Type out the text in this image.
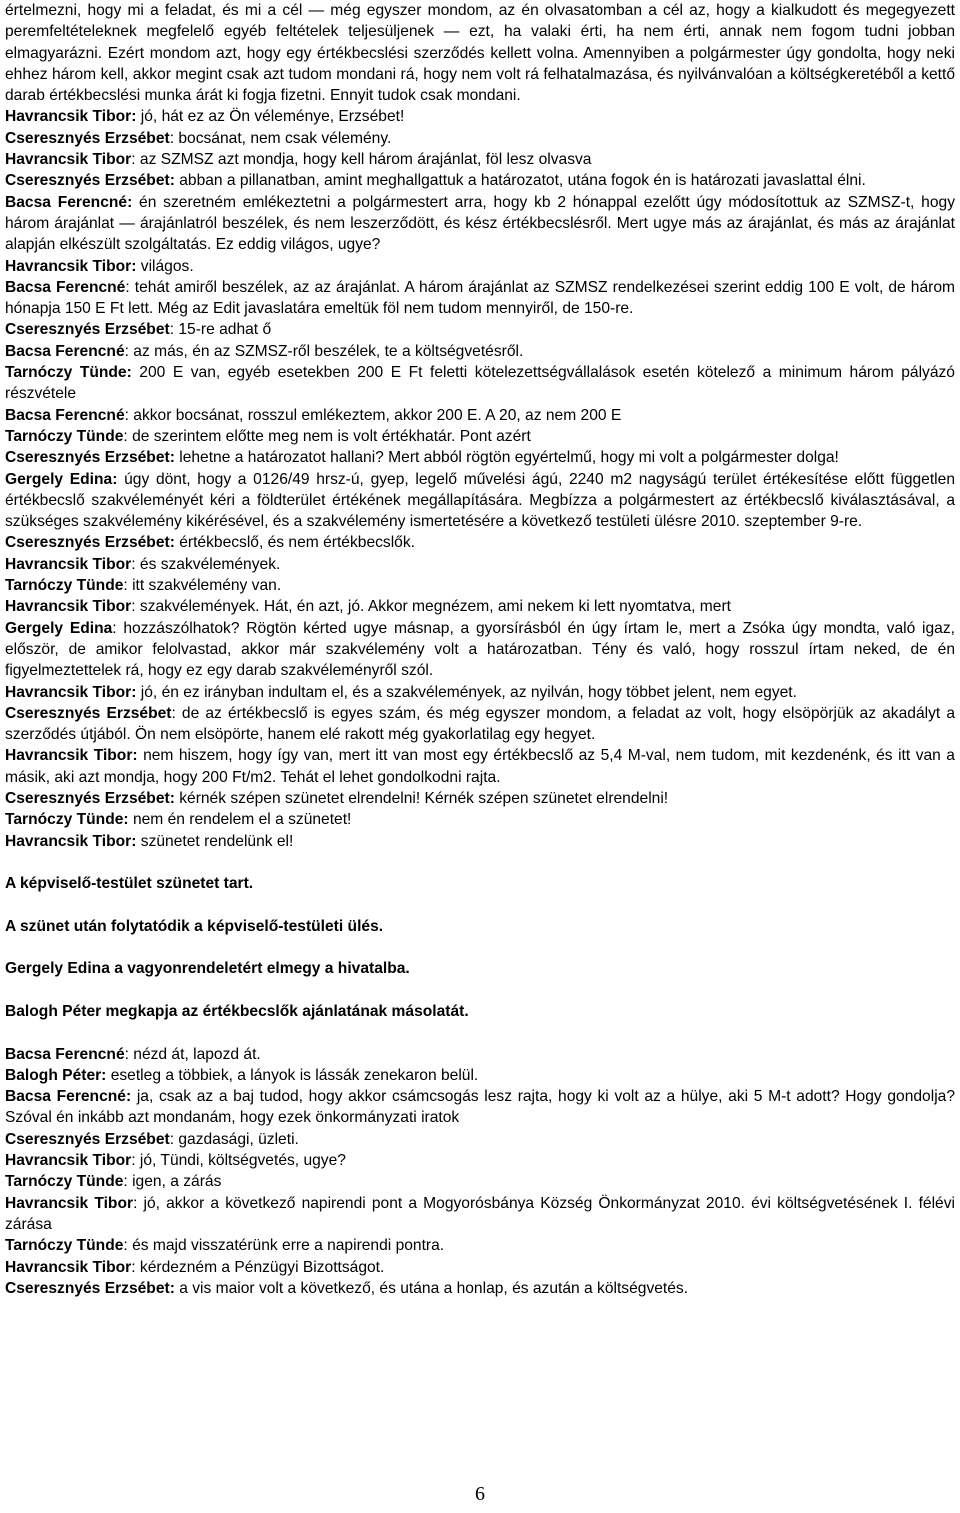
értelmezni, hogy mi a feladat, és mi a cél — még egyszer mondom, az én olvasatomban a cél az, hogy a kialkudott és megegyezett peremfeltételeknek megfelelő egyéb feltételek teljesüljenek — ezt, ha valaki érti, ha nem érti, annak nem fogom tudni jobban elmagyarázni. Ezért mondom azt, hogy egy értékbecslési szerződés kellett volna. Amennyiben a polgármester úgy gondolta, hogy neki ehhez három kell, akkor megint csak azt tudom mondani rá, hogy nem volt rá felhatalmazása, és nyilvánvalóan a költségkeretéből a kettő darab értékbecslési munka árát ki fogja fizetni. Ennyit tudok csak mondani.

Havrancsik Tibor: jó, hát ez az Ön véleménye, Erzsébet!

Cseresznyés Erzsébet: bocsánat, nem csak vélemény.

Havrancsik Tibor: az SZMSZ azt mondja, hogy kell három árajánlat, föl lesz olvasva

Cseresznyés Erzsébet: abban a pillanatban, amint meghallgattuk a határozatot, utána fogok én is határozati javaslattal élni.

Bacsa Ferencné: én szeretném emlékeztetni a polgármestert arra, hogy kb 2 hónappal ezelőtt úgy módosítottuk az SZMSZ-t, hogy három árajánlat — árajánlatról beszélek, és nem leszerződött, és kész értékbecslésről. Mert ugye más az árajánlat, és más az árajánlat alapján elkészült szolgáltatás. Ez eddig világos, ugye?

Havrancsik Tibor: világos.

Bacsa Ferencné: tehát amiről beszélek, az az árajánlat. A három árajánlat az SZMSZ rendelkezései szerint eddig 100 E volt, de három hónapja 150 E Ft lett. Még az Edit javaslatára emeltük föl nem tudom mennyiről, de 150-re.

Cseresznyés Erzsébet: 15-re adhat ő

Bacsa Ferencné: az más, én az SZMSZ-ről beszélek, te a költségvetésről.

Tarnóczy Tünde: 200 E van, egyéb esetekben 200 E Ft feletti kötelezettségvállalások esetén kötelező a minimum három pályázó részvétele

Bacsa Ferencné: akkor bocsánat, rosszul emlékeztem, akkor 200 E. A 20, az nem 200 E

Tarnóczy Tünde: de szerintem előtte meg nem is volt értékhatár. Pont azért

Cseresznyés Erzsébet: lehetne a határozatot hallani? Mert abból rögtön egyértelmű, hogy mi volt a polgármester dolga!

Gergely Edina: úgy dönt, hogy a 0126/49 hrsz-ú, gyep, legelő művelési ágú, 2240 m2 nagyságú terület értékesítése előtt független értékbecslő szakvéleményét kéri a földterület értékének megállapítására. Megbízza a polgármestert az értékbecslő kiválasztásával, a szükséges szakvélemény kikérésével, és a szakvélemény ismertetésére a következő testületi ülésre 2010. szeptember 9-re.

Cseresznyés Erzsébet: értékbecslő, és nem értékbecslők.

Havrancsik Tibor: és szakvélemények.

Tarnóczy Tünde: itt szakvélemény van.

Havrancsik Tibor: szakvélemények. Hát, én azt, jó. Akkor megnézem, ami nekem ki lett nyomtatva, mert

Gergely Edina: hozzászólhatok? Rögtön kérted ugye másnap, a gyorsírásból én úgy írtam le, mert a Zsóka úgy mondta, való igaz, először, de amikor felolvastad, akkor már szakvélemény volt a határozatban. Tény és való, hogy rosszul írtam neked, de én figyelmeztettelek rá, hogy ez egy darab szakvéleményről szól.

Havrancsik Tibor: jó, én ez irányban indultam el, és a szakvélemények, az nyilván, hogy többet jelent, nem egyet.

Cseresznyés Erzsébet: de az értékbecslő is egyes szám, és még egyszer mondom, a feladat az volt, hogy elsöpörjük az akadályt a szerződés útjából. Ön nem elsöpörte, hanem elé rakott még gyakorlatilag egy hegyet.

Havrancsik Tibor: nem hiszem, hogy így van, mert itt van most egy értékbecslő az 5,4 M-val, nem tudom, mit kezdenénk, és itt van a másik, aki azt mondja, hogy 200 Ft/m2. Tehát el lehet gondolkodni rajta.

Cseresznyés Erzsébet: kérnék szépen szünetet elrendelni! Kérnék szépen szünetet elrendelni!

Tarnóczy Tünde: nem én rendelem el a szünetet!

Havrancsik Tibor: szünetet rendelünk el!

A képviselő-testület szünetet tart.

A szünet után folytatódik a képviselő-testületi ülés.

Gergely Edina a vagyonrendeletért elmegy a hivatalba.

Balogh Péter megkapja az értékbecslők ajánlatának másolatát.

Bacsa Ferencné: nézd át, lapozd át.

Balogh Péter: esetleg a többiek, a lányok is lássák zenekaron belül.

Bacsa Ferencné: ja, csak az a baj tudod, hogy akkor csámcsogás lesz rajta, hogy ki volt az a hülye, aki 5 M-t adott? Hogy gondolja? Szóval én inkább azt mondanám, hogy ezek önkormányzati iratok

Cseresznyés Erzsébet: gazdasági, üzleti.

Havrancsik Tibor: jó, Tündi, költségvetés, ugye?

Tarnóczy Tünde: igen, a zárás

Havrancsik Tibor: jó, akkor a következő napirendi pont a Mogyorósbánya Község Önkormányzat 2010. évi költségvetésének I. félévi zárása

Tarnóczy Tünde: és majd visszatérünk erre a napirendi pontra.

Havrancsik Tibor: kérdezném a Pénzügyi Bizottságot.

Cseresznyés Erzsébet: a vis maior volt a következő, és utána a honlap, és azután a költségvetés.

6
